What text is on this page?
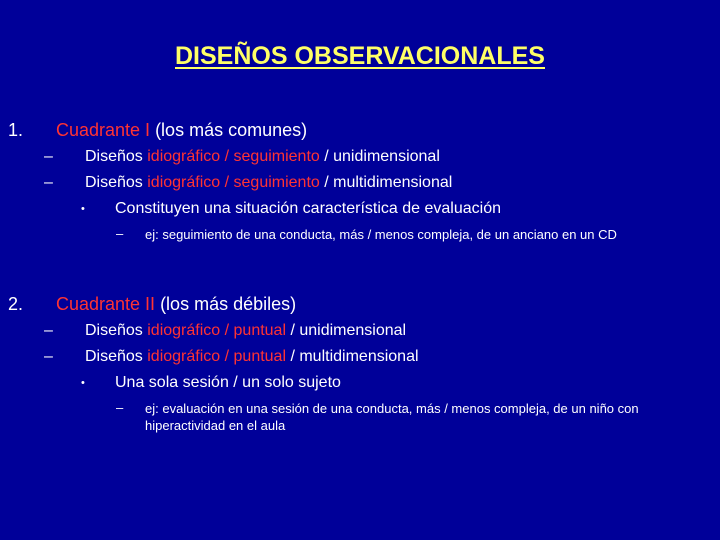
DISEÑOS OBSERVACIONALES
1. Cuadrante I (los más comunes)
– Diseños idiográfico / seguimiento / unidimensional
– Diseños idiográfico / seguimiento / multidimensional
• Constituyen una situación característica de evaluación
– ej: seguimiento de una conducta, más / menos compleja, de un anciano en un CD
2. Cuadrante II (los más débiles)
– Diseños idiográfico / puntual / unidimensional
– Diseños idiográfico / puntual / multidimensional
• Una sola sesión / un solo sujeto
– ej: evaluación en una sesión de una conducta, más / menos compleja, de un niño con hiperactividad en el aula
